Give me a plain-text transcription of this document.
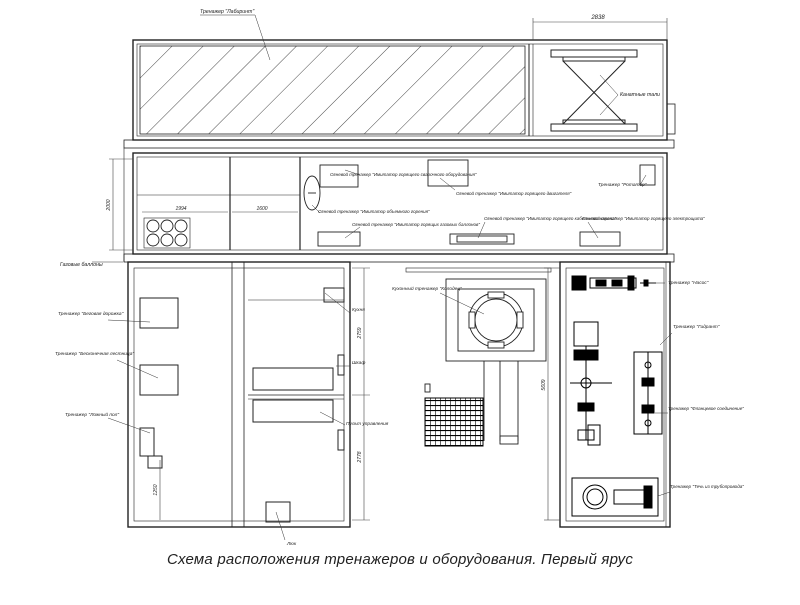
2838
1994	1600
2000
2759
2778
1250
5609
Тренажер "Лабиринт"
Канатные тали
Тренажер "Ротатор"
Газовые баллоны
Огневой тренажер "Имитатор горящего сварочного оборудования"
Огневой тренажер "Имитатор горящего двигателя"
Огневой тренажер "Имитатор объемного горения"
Огневой тренажер "Имитатор горящих газовых баллонов"
Огневой тренажер "Имитатор горящего кабельного канала"
Огневой тренажер "Имитатор горящего электрощита"
Тренажер "Беговая дорожка"
Тренажер "Бесконечная лестница"
Тренажер "Ложный пол"
Кухня
Шкаф
Пульт управления
Люк
Кухонный тренажер "Колодец"
Тренажер "Насос"
Тренажер "Гидрант"
Тренажер "Фланцевое соединение"
Тренажер "Течь из трубопровода"
Схема расположения тренажеров и оборудования. Первый ярус
